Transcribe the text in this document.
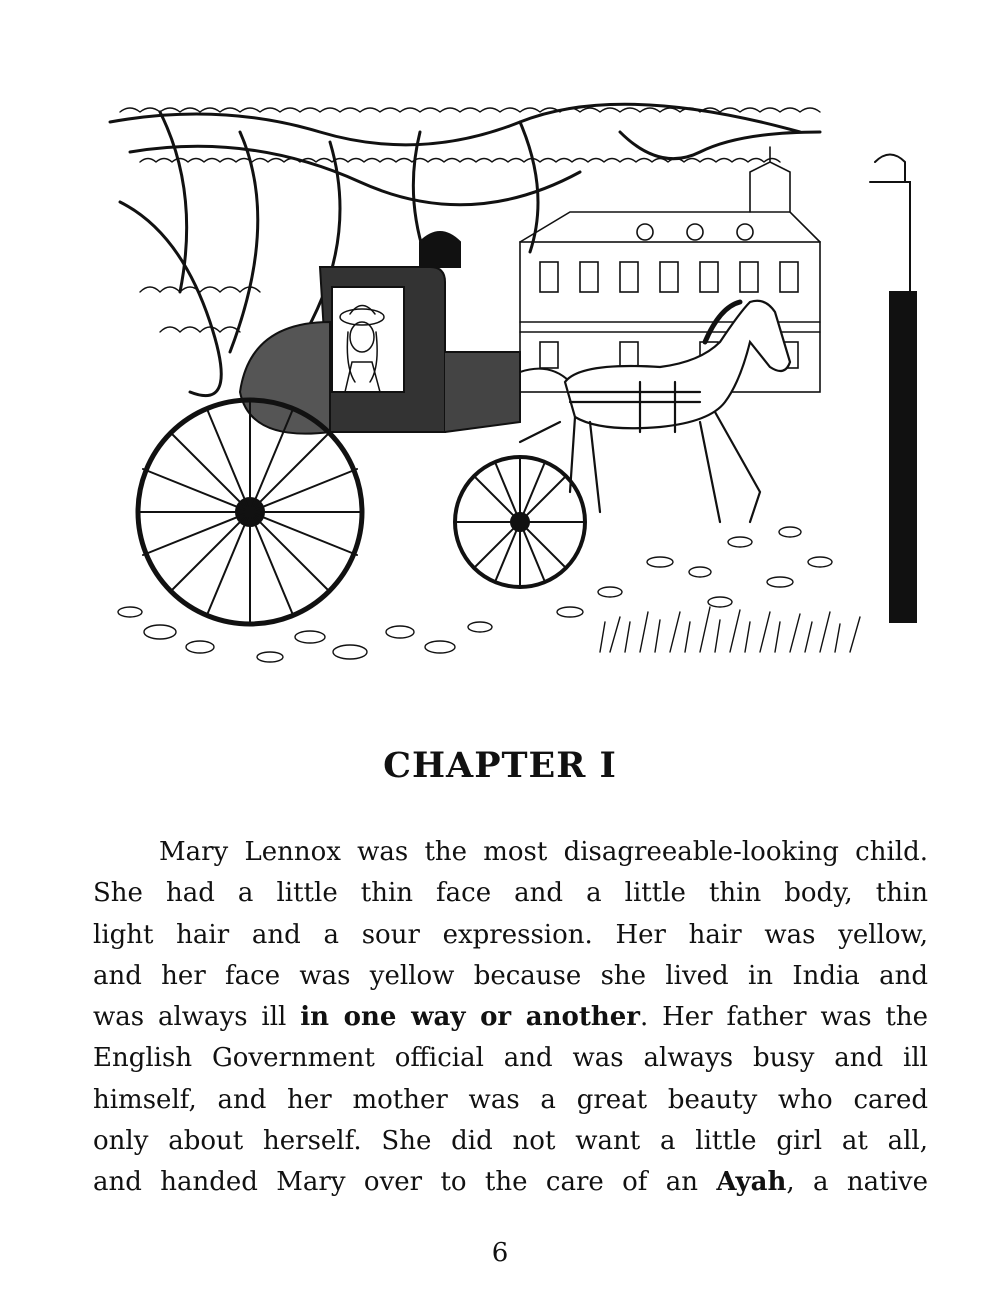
CHAPTER I
Mary Lennox was the most disagreeable-looking child.
She had a little thin face and a little thin body, thin
light hair and a sour expression. Her hair was yellow,
and her face was yellow because she lived in India and
was always ill in one way or another. Her father was the
English Government official and was always busy and ill
himself, and her mother was a great beauty who cared
only about herself. She did not want a little girl at all,
and handed Mary over to the care of an Ayah, a native
6
